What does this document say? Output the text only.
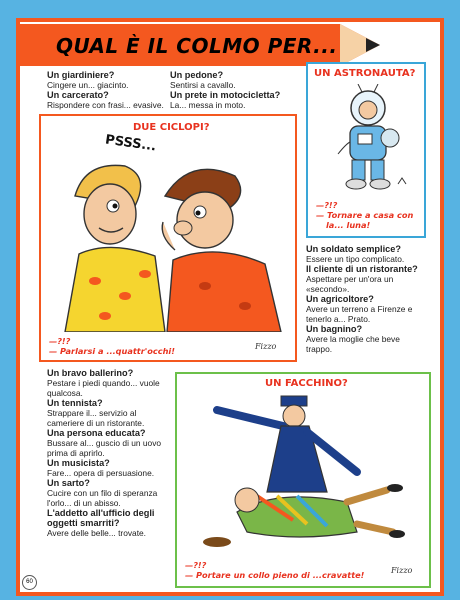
QUAL È IL COLMO PER...
Un giardiniere?
Cingere un... giacinto.
Un carcerato?
Rispondere con frasi... evasive.
Un pedone?
Sentirsi a cavallo.
Un prete in motocicletta?
La... messa in moto.
UN ASTRONAUTA?
—?!?
— Tornare a casa con
la... luna!
DUE CICLOPI?
PSSS...
—?!?
— Parlarsi a ...quattr'occhi!	Fizzo
Un soldato semplice?
Essere un tipo complicato.
Il cliente di un ristorante?
Aspettare per un'ora un «secondo».
Un agricoltore?
Avere un terreno a Firenze e tenerlo a... Prato.
Un bagnino?
Avere la moglie che beve trappo.
Un bravo ballerino?
Pestare i piedi quando... vuole qualcosa.
Un tennista?
Strappare il... servizio al cameriere di un ristorante.
Una persona educata?
Bussare al... guscio di un uovo prima di aprirlo.
Un musicista?
Fare... opera di persuasione.
Un sarto?
Cucire con un filo di speranza l'orlo... di un abisso.
L'addetto all'ufficio degli oggetti smarriti?
Avere delle belle... trovate.
UN FACCHINO?
—?!?
— Portare un collo pieno di ...cravatte!	Fizzo
60
